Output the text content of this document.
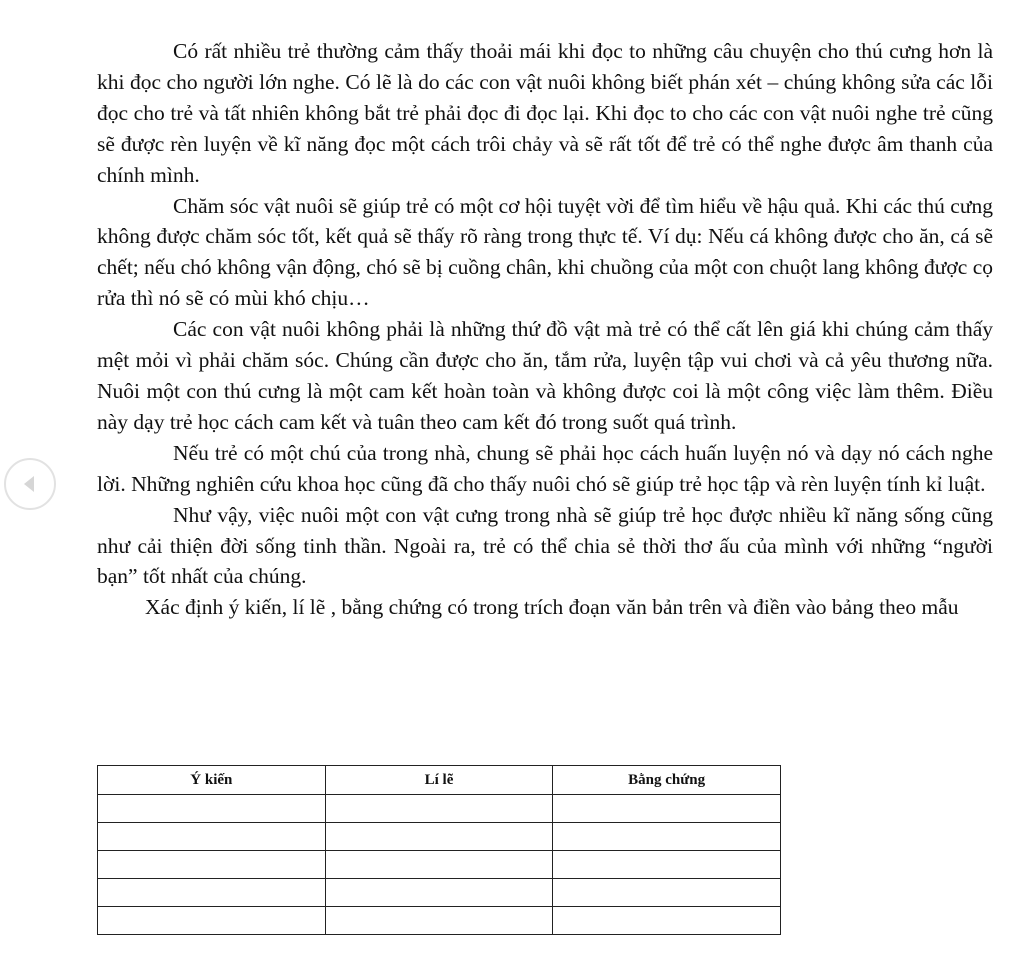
Có rất nhiều trẻ thường cảm thấy thoải mái khi đọc to những câu chuyện cho thú cưng hơn là khi đọc cho người lớn nghe. Có lẽ là do các con vật nuôi không biết phán xét – chúng không sửa các lỗi đọc cho trẻ và tất nhiên không bắt trẻ phải đọc đi đọc lại. Khi đọc to cho các con vật nuôi nghe trẻ cũng sẽ được rèn luyện về kĩ năng đọc một cách trôi chảy và sẽ rất tốt để trẻ có thể nghe được âm thanh của chính mình.

Chăm sóc vật nuôi sẽ giúp trẻ có một cơ hội tuyệt vời để tìm hiểu về hậu quả. Khi các thú cưng không được chăm sóc tốt, kết quả sẽ thấy rõ ràng trong thực tế. Ví dụ: Nếu cá không được cho ăn, cá sẽ chết; nếu chó không vận động, chó sẽ bị cuồng chân, khi chuồng của một con chuột lang không được cọ rửa thì nó sẽ có mùi khó chịu…

Các con vật nuôi không phải là những thứ đồ vật mà trẻ có thể cất lên giá khi chúng cảm thấy mệt mỏi vì phải chăm sóc. Chúng cần được cho ăn, tắm rửa, luyện tập vui chơi và cả yêu thương nữa. Nuôi một con thú cưng là một cam kết hoàn toàn và không được coi là một công việc làm thêm. Điều này dạy trẻ học cách cam kết và tuân theo cam kết đó trong suốt quá trình.

Nếu trẻ có một chú của trong nhà, chung sẽ phải học cách huấn luyện nó và dạy nó cách nghe lời. Những nghiên cứu khoa học cũng đã cho thấy nuôi chó sẽ giúp trẻ học tập và rèn luyện tính kỉ luật.

Như vậy, việc nuôi một con vật cưng trong nhà sẽ giúp trẻ học được nhiều kĩ năng sống cũng như cải thiện đời sống tinh thần. Ngoài ra, trẻ có thể chia sẻ thời thơ ấu của mình với những “người bạn” tốt nhất của chúng.

Xác định ý kiến, lí lẽ , bằng chứng có trong trích đoạn văn bản trên và điền vào bảng theo mẫu

Ý kiến	Lí lẽ	Bằng chứng
